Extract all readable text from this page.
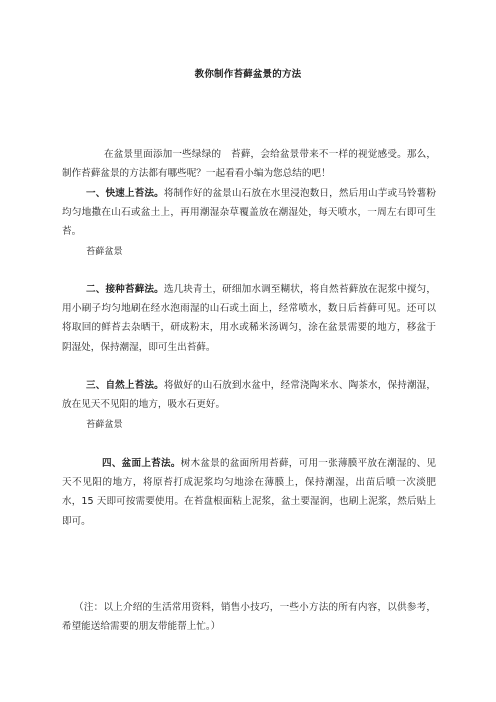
教你制作苔藓盆景的方法
在盆景里面添加一些绿绿的　苔藓，会给盆景带来不一样的视觉感受。那么，制作苔藓盆景的方法都有哪些呢？一起看看小编为您总结的吧！
一、快速上苔法。将制作好的盆景山石放在水里浸泡数日，然后用山芋或马铃薯粉均匀地撒在山石或盆土上，再用潮湿杂草覆盖放在潮湿处，每天喷水，一周左右即可生苔。
苔藓盆景
二、接种苔藓法。选几块青土，研细加水调至糊状，将自然苔藓放在泥浆中搅匀，用小刷子均匀地刷在经水泡雨湿的山石或土面上，经常喷水，数日后苔藓可见。还可以将取回的鲜苔去杂晒干，研成粉末，用水或稀米汤调匀，涂在盆景需要的地方，移盆于阴湿处，保持潮湿，即可生出苔藓。
三、自然上苔法。将做好的山石放到水盆中，经常浇陶米水、陶茶水，保持潮湿，放在见天不见阳的地方，吸水石更好。
苔藓盆景
四、盆面上苔法。树木盆景的盆面所用苔藓，可用一张薄膜平放在潮湿的、见天不见阳的地方，将原苔打成泥浆均匀地涂在薄膜上，保持潮湿，出苗后喷一次淡肥水，15 天即可按需要使用。在苔盘根面粘上泥浆，盆土要湿润，也刷上泥浆，然后贴上即可。
（注：以上介绍的生活常用资料，销售小技巧，一些小方法的所有内容，以供参考，希望能送给需要的朋友带能帮上忙。）
